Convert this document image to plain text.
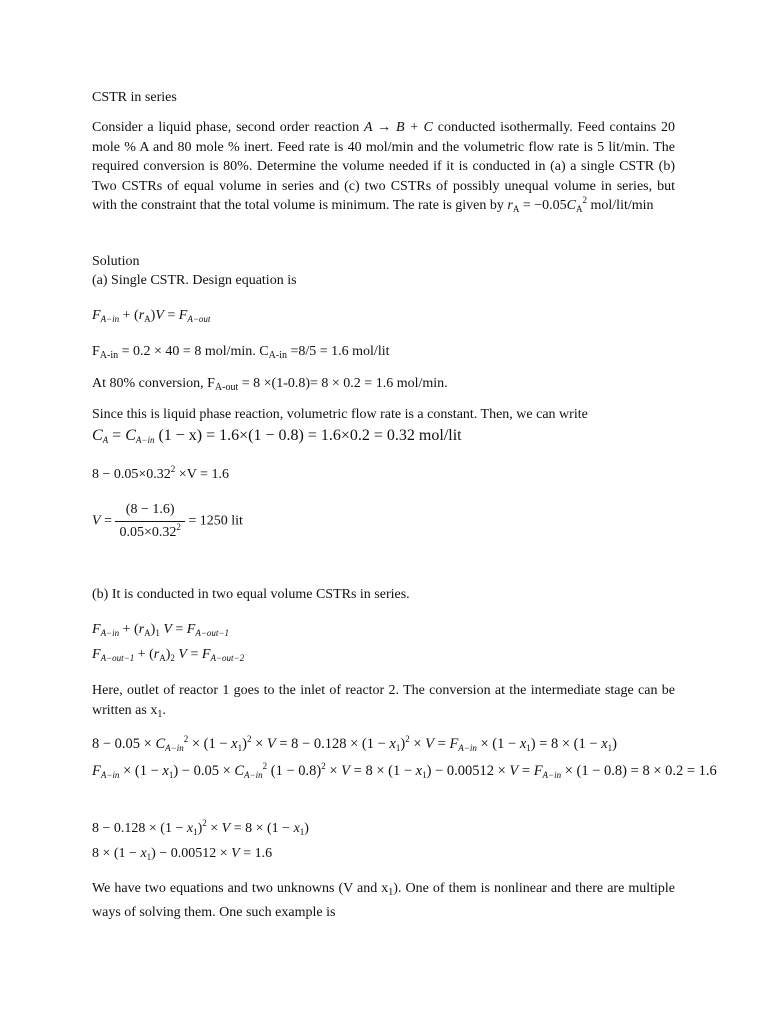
CSTR in series

Consider a liquid phase, second order reaction A → B + C conducted isothermally. Feed contains 20 mole % A and 80 mole % inert. Feed rate is 40 mol/min and the volumetric flow rate is 5 lit/min. The required conversion is 80%. Determine the volume needed if it is conducted in (a) a single CSTR (b) Two CSTRs of equal volume in series and (c) two CSTRs of possibly unequal volume in series, but with the constraint that the total volume is minimum. The rate is given by $r_A = -0.05C_A^2$ mol/lit/min

Solution

(a) Single CSTR. Design equation is

$F_{A-in} + (r_A)V = F_{A-out}$

$F_{A-in} = 0.2 \times 40 = 8$ mol/min. $C_{A-in} =8/5 = 1.6$ mol/lit

At 80% conversion, $F_{A-out} = 8 \times(1-0.8)= 8 \times 0.2 = 1.6$ mol/min.

Since this is liquid phase reaction, volumetric flow rate is a constant. Then, we can write

$C_A = C_{A-in}$ (1 − x) = 1.6×(1 − 0.8) = 1.6×0.2 = 0.32 mol/lit

$8 - 0.05\times 0.32^2 \times V = 1.6$

$V = \frac{(8 - 1.6)}{0.05\times 0.32^2} = 1250$ lit

(b) It is conducted in two equal volume CSTRs in series.

$F_{A-in} + (r_A)_1$ $V = F_{A-out-1}$

$F_{A-out-1} + (r_A)_2$ $V = F_{A-out-2}$

Here, outlet of reactor 1 goes to the inlet of reactor 2. The conversion at the intermediate stage can be written as $x_1$.

$8 - 0.05 \times C_{A-in}^2 \times (1 - x_1)^2 \times V = 8 - 0.128 \times (1 - x_1)^2 \times V = F_{A-in} \times (1 - x_1) = 8 \times (1 - x_1)$

$F_{A-in} \times (1 - x_1) - 0.05 \times C_{A-in}^2$ $(1 - 0.8)^2 \times V = 8 \times (1 - x_1) - 0.00512 \times V = F_{A-in} \times (1 - 0.8) = 8 \times 0.2 = 1.6$

$8 - 0.128 \times (1 - x_1)^2 \times V = 8 \times (1 - x_1)$

$8 \times (1 - x_1) - 0.00512 \times V = 1.6$

We have two equations and two unknowns (V and $x_1$). One of them is nonlinear and there are multiple ways of solving them. One such example is
